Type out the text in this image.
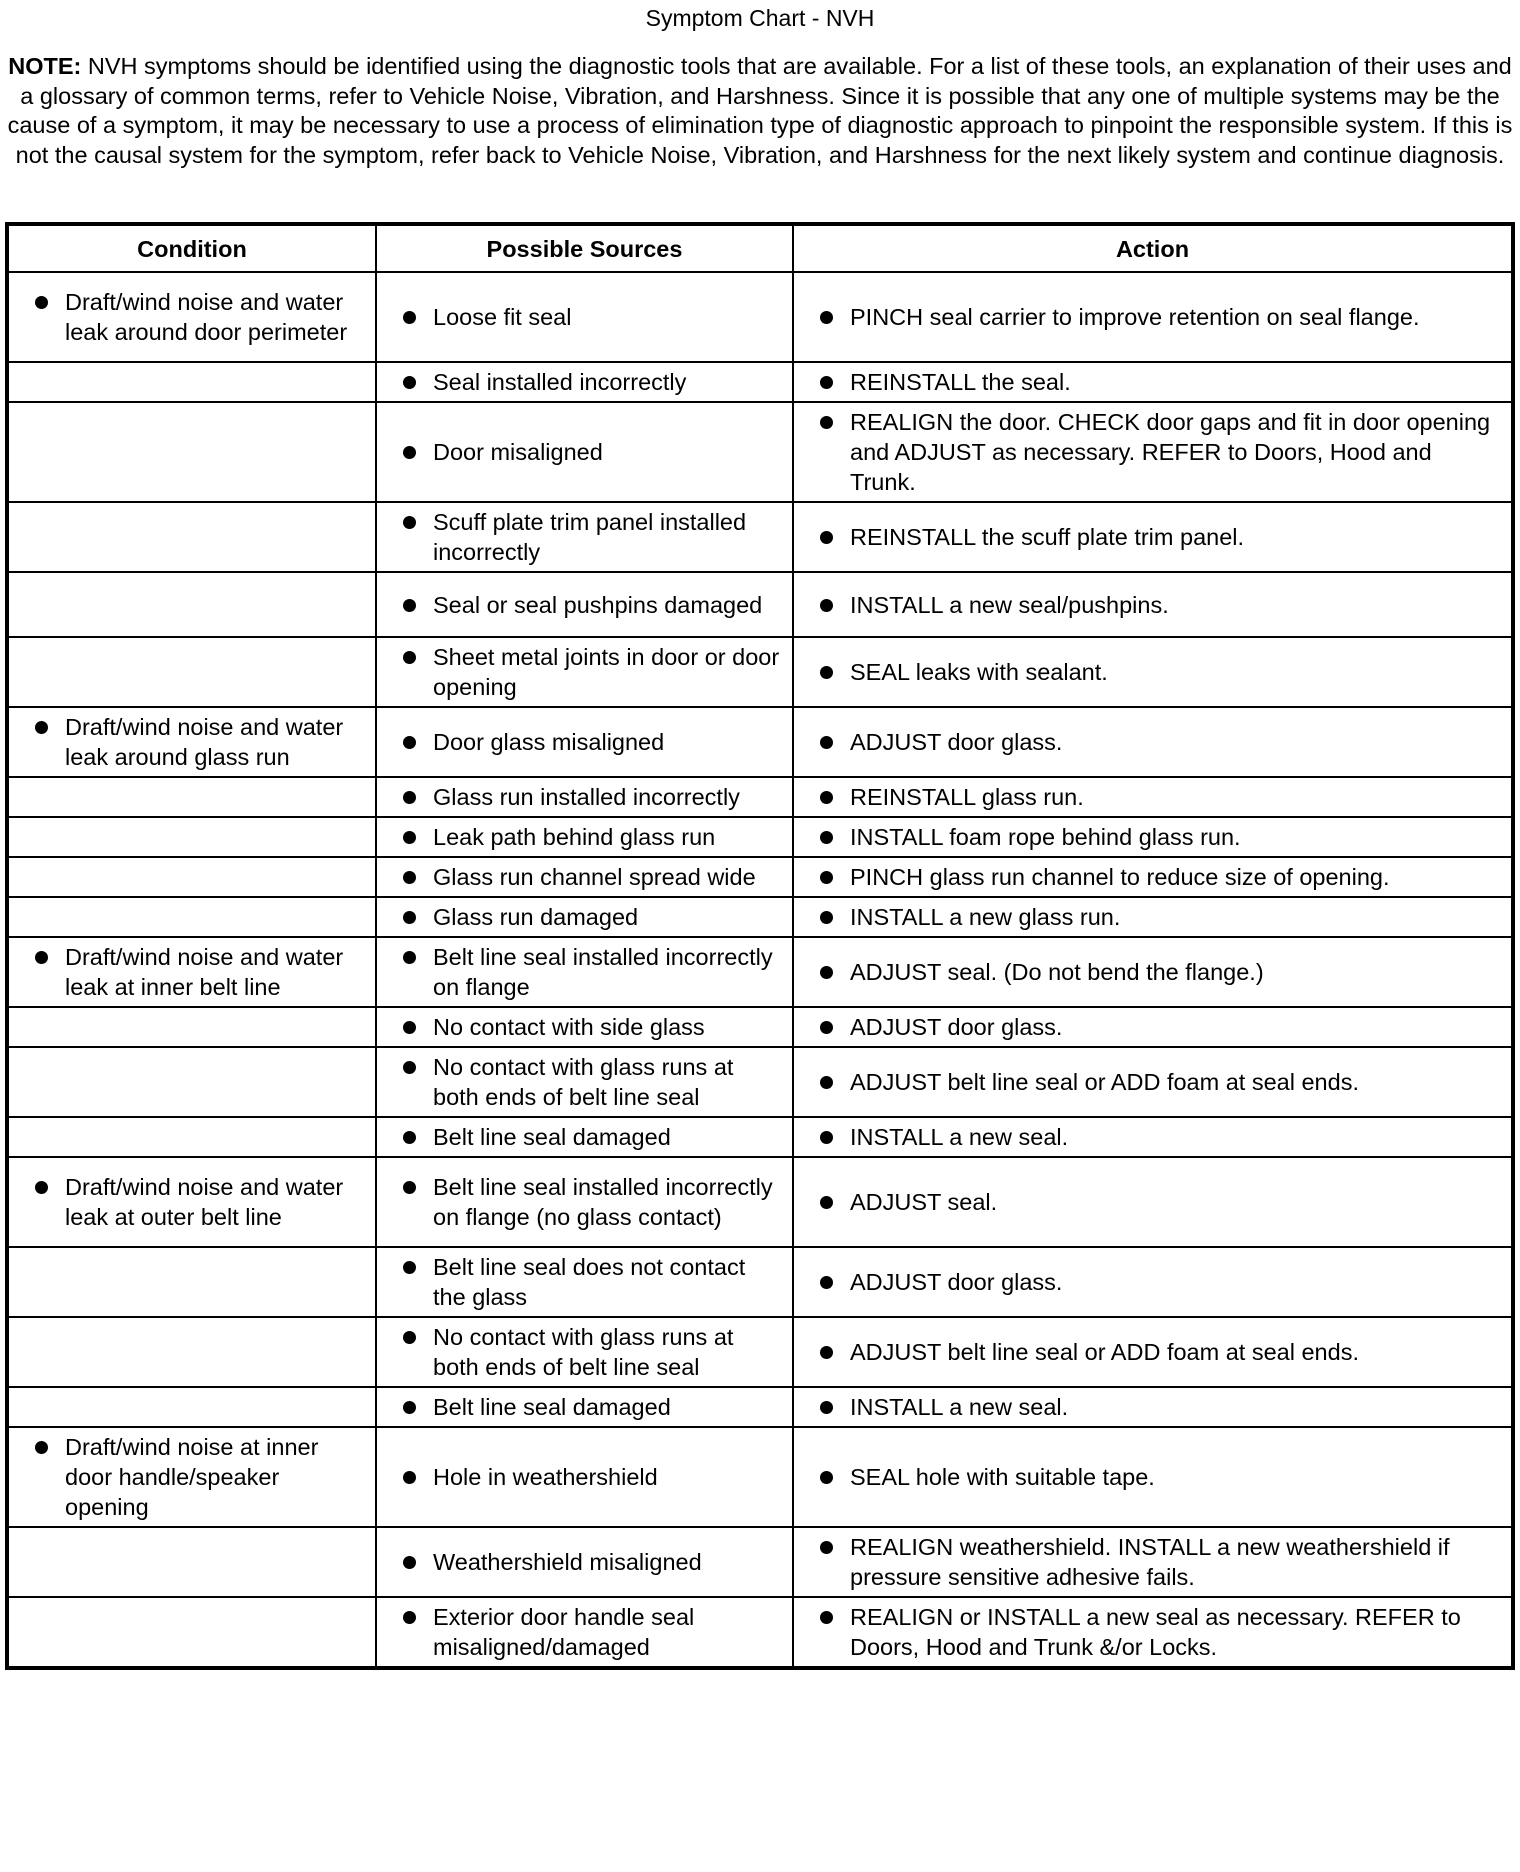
Symptom Chart - NVH
NOTE: NVH symptoms should be identified using the diagnostic tools that are available. For a list of these tools, an explanation of their uses and a glossary of common terms, refer to Vehicle Noise, Vibration, and Harshness. Since it is possible that any one of multiple systems may be the cause of a symptom, it may be necessary to use a process of elimination type of diagnostic approach to pinpoint the responsible system. If this is not the causal system for the symptom, refer back to Vehicle Noise, Vibration, and Harshness for the next likely system and continue diagnosis.
Condition	Possible Sources	Action

Draft/wind noise and water leak around door perimeter	Loose fit seal	PINCH seal carrier to improve retention on seal flange.

	Seal installed incorrectly	REINSTALL the seal.

	Door misaligned	REALIGN the door. CHECK door gaps and fit in door opening and ADJUST as necessary. REFER to Doors, Hood and Trunk.

	Scuff plate trim panel installed incorrectly	REINSTALL the scuff plate trim panel.

	Seal or seal pushpins damaged	INSTALL a new seal/pushpins.

	Sheet metal joints in door or door opening	SEAL leaks with sealant.

Draft/wind noise and water leak around glass run	Door glass misaligned	ADJUST door glass.

	Glass run installed incorrectly	REINSTALL glass run.

	Leak path behind glass run	INSTALL foam rope behind glass run.

	Glass run channel spread wide	PINCH glass run channel to reduce size of opening.

	Glass run damaged	INSTALL a new glass run.

Draft/wind noise and water leak at inner belt line	Belt line seal installed incorrectly on flange	ADJUST seal. (Do not bend the flange.)

	No contact with side glass	ADJUST door glass.

	No contact with glass runs at both ends of belt line seal	ADJUST belt line seal or ADD foam at seal ends.

	Belt line seal damaged	INSTALL a new seal.

Draft/wind noise and water leak at outer belt line	Belt line seal installed incorrectly on flange (no glass contact)	ADJUST seal.

	Belt line seal does not contact the glass	ADJUST door glass.

	No contact with glass runs at both ends of belt line seal	ADJUST belt line seal or ADD foam at seal ends.

	Belt line seal damaged	INSTALL a new seal.

Draft/wind noise at inner door handle/speaker opening	Hole in weathershield	SEAL hole with suitable tape.

	Weathershield misaligned	REALIGN weathershield. INSTALL a new weathershield if pressure sensitive adhesive fails.

	Exterior door handle seal misaligned/damaged	REALIGN or INSTALL a new seal as necessary. REFER to Doors, Hood and Trunk &/or Locks.
